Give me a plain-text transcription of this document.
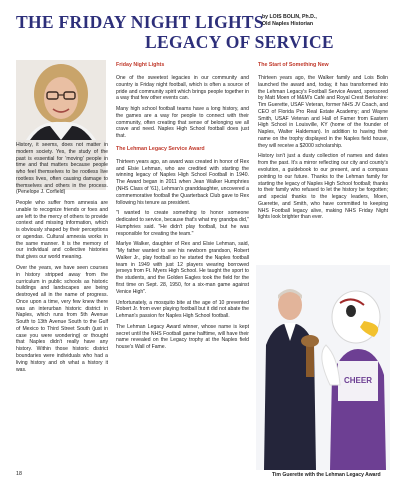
THE FRIDAY NIGHT LIGHTS
LEGACY OF SERVICE
by LOIS BOLIN, Ph.D.,
Old Naples Historian

History, it seems, does not matter in modern society. Yes, the study of the past is essential for 'moving' people in time and that matters because people who feel themselves to be rootless live rootless lives, often causing damage to themselves and others in the process. (Penelope J. Corfield)

People who suffer from amnesia are unable to recognize friends or foes and are left to the mercy of others to provide context and missing information, which is obviously shaped by their perceptions or agendas. Cultural amnesia works in the same manner. It is the memory of our individual and collective histories that gives our world meaning.

Over the years, we have seen courses in history stripped away from the curriculum in public schools as historic buildings and landscapes are being destroyed all in the name of progress. Once upon a time, very few knew there was an interurban historic district in Naples, which runs from 5th Avenue South to 13th Avenue South to the Gulf of Mexico to Third Street South (just in case you were wondering) or thought that Naples didn't really have any history. Within those historic district boundaries were individuals who had a living history and oh what a history it was.

Friday Night Lights

One of the sweetest legacies in our community and country is Friday night football, which is often a source of pride and community spirit which brings people together in a way that few other events can.

Many high school football teams have a long history, and the games are a way for people to connect with their community, often creating that sense of belonging we all crave and need. Naples High School football does just that.

The Lehman Legacy Service Award

Thirteen years ago, an award was created in honor of Rex and Elsie Lehman, who are credited with starting the winning legacy of Naples High School Football in 1940. The Award began in 2011 when Jean Walker Humphries (NHS Class of '61), Lehman's granddaughter, uncovered a commemorative football the Quarterback Club gave to Rex following his tenure as president.

"I wanted to create something to honor someone dedicated to service, because that's what my grandpa did," Humphries said. "He didn't play football, but he was responsible for creating the team."

Marlye Walker, daughter of Rex and Elsie Lehman, said, "My father wanted to see his newborn grandson, Robert Walker Jr., play football so he started the Naples football team in 1949 with just 12 players wearing borrowed jerseys from Ft. Myers High School. He taught the sport to the students, and the Golden Eagles took the field for the first time on Sept. 28, 1950, for a six-man game against Venice High".

Unfortunately, a mosquito bite at the age of 10 prevented Robert Jr. from ever playing football but it did not abate the Lehman's passion for Naples High School football.

The Lehman Legacy Award winner, whose name is kept secret until the NHS Football game halftime, will have their name revealed on the Legacy trophy at the Naples field house's Wall of Fame.

The Start of Something New

Thirteen years ago, the Walker family and Lois Bolin launched the award and, today, it has transformed into the Lehman Legacy's Football Service Award, sponsored by Matt Moen of M&M's Café and Royal Crest Berkshire: Tim Guerette, USAF Veteran, former NHS JV Coach, and CEO of Florida Pro Real Estate Academy; and Wayne Smith, USAF Veteran and Hall of Famer from Eastern High School in Louisville, KY (home of the founder of Naples, Walter Haldeman). In addition to having their name on the trophy displayed in the Naples field house, they will receive a $2000 scholarship.

History isn't just a dusty collection of names and dates from the past. It's a mirror reflecting our city and county's evolution, a guidebook to our present, and a compass pointing to our future. Thanks to the Lehman family for starting the legacy of Naples High School football; thanks to their family who refused to let the history be forgotten; and special thanks to the legacy leaders, Moen, Guerette, and Smith, who have committed to keeping NHS Football legacy alive, making NHS Friday Night lights look brighter than ever.

CHEER
Tim Guerette with the Lehman Legacy Award
18
